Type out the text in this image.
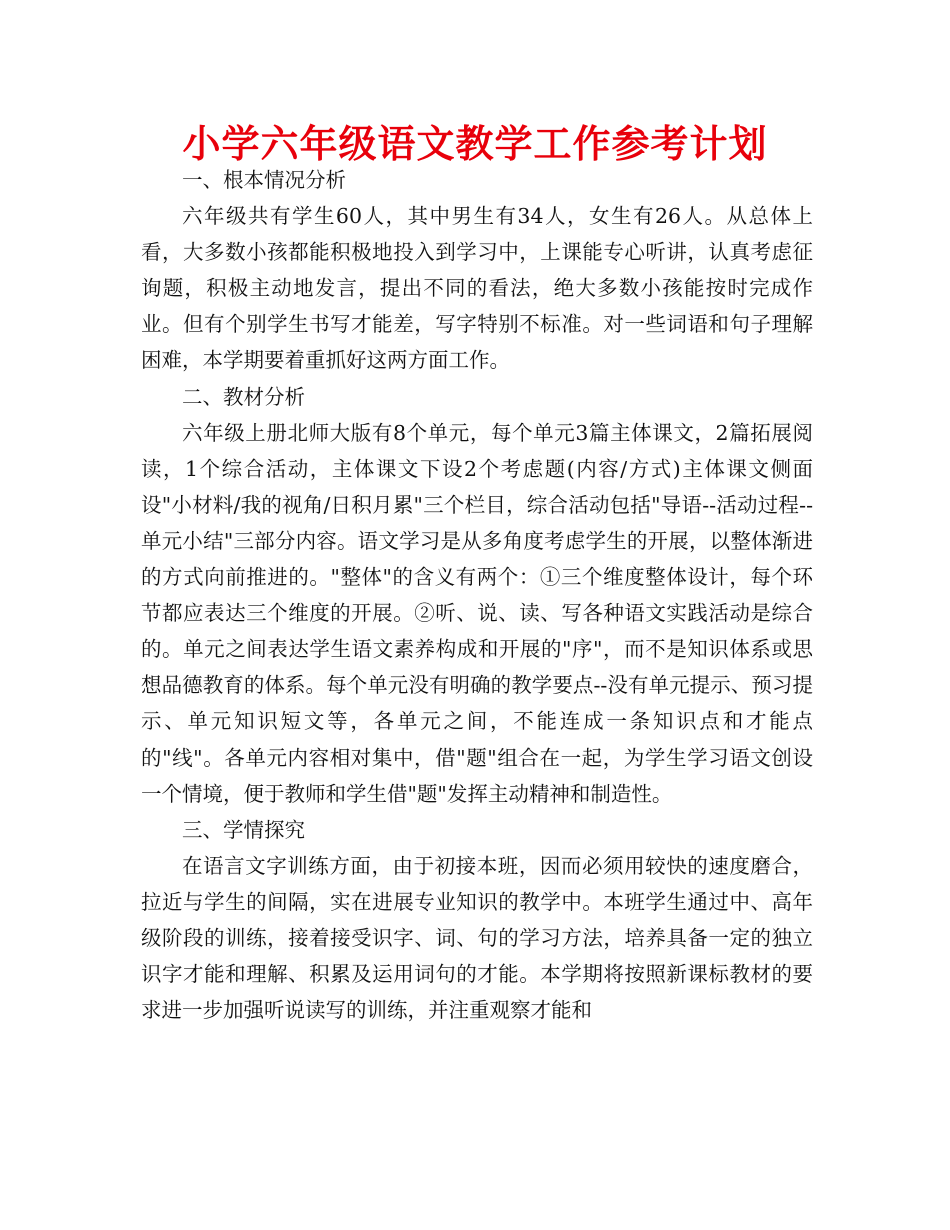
小学六年级语文教学工作参考计划

一、根本情况分析

六年级共有学生60人，其中男生有34人，女生有26人。从总体上看，大多数小孩都能积极地投入到学习中，上课能专心听讲，认真考虑征询题，积极主动地发言，提出不同的看法，绝大多数小孩能按时完成作业。但有个别学生书写才能差，写字特别不标准。对一些词语和句子理解困难，本学期要着重抓好这两方面工作。

二、教材分析

六年级上册北师大版有8个单元，每个单元3篇主体课文，2篇拓展阅读，1个综合活动，主体课文下设2个考虑题(内容/方式)主体课文侧面设"小材料/我的视角/日积月累"三个栏目，综合活动包括"导语--活动过程--单元小结"三部分内容。语文学习是从多角度考虑学生的开展，以整体渐进的方式向前推进的。"整体"的含义有两个：①三个维度整体设计，每个环节都应表达三个维度的开展。②听、说、读、写各种语文实践活动是综合的。单元之间表达学生语文素养构成和开展的"序"，而不是知识体系或思想品德教育的体系。每个单元没有明确的教学要点--没有单元提示、预习提示、单元知识短文等，各单元之间，不能连成一条知识点和才能点的"线"。各单元内容相对集中，借"题"组合在一起，为学生学习语文创设一个情境，便于教师和学生借"题"发挥主动精神和制造性。

三、学情探究

在语言文字训练方面，由于初接本班，因而必须用较快的速度磨合，拉近与学生的间隔，实在进展专业知识的教学中。本班学生通过中、高年级阶段的训练，接着接受识字、词、句的学习方法，培养具备一定的独立识字才能和理解、积累及运用词句的才能。本学期将按照新课标教材的要求进一步加强听说读写的训练，并注重观察才能和
